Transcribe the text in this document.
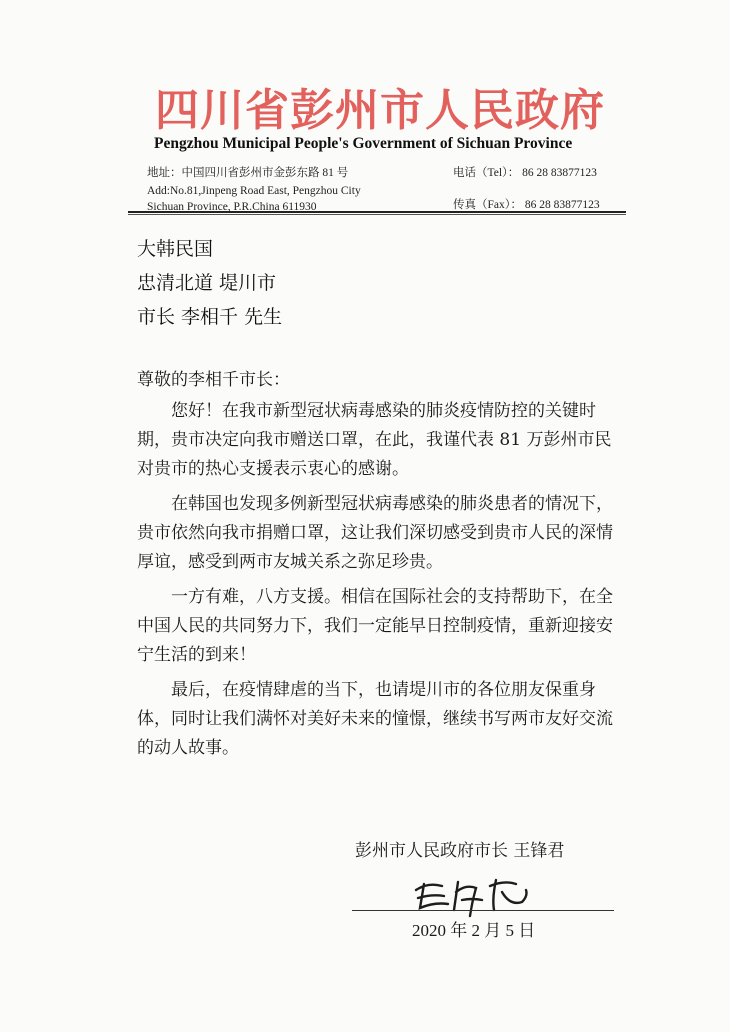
四川省彭州市人民政府
Pengzhou Municipal People's Government of Sichuan Province
地址：中国四川省彭州市金彭东路 81 号
Add:No.81,Jinpeng Road East, Pengzhou City
Sichuan Province, P.R.China 611930
电话（Tel）： 86 28 83877123
传真（Fax）： 86 28 83877123
大韩民国
忠清北道 堤川市
市长 李相千 先生
尊敬的李相千市长：

您好！在我市新型冠状病毒感染的肺炎疫情防控的关键时期，贵市决定向我市赠送口罩，在此，我谨代表 81 万彭州市民对贵市的热心支援表示衷心的感谢。

在韩国也发现多例新型冠状病毒感染的肺炎患者的情况下，贵市依然向我市捐赠口罩，这让我们深切感受到贵市人民的深情厚谊，感受到两市友城关系之弥足珍贵。

一方有难，八方支援。相信在国际社会的支持帮助下，在全中国人民的共同努力下，我们一定能早日控制疫情，重新迎接安宁生活的到来！

最后，在疫情肆虐的当下，也请堤川市的各位朋友保重身体，同时让我们满怀对美好未来的憧憬，继续书写两市友好交流的动人故事。

彭州市人民政府市长 王锋君
2020 年 2 月 5 日
